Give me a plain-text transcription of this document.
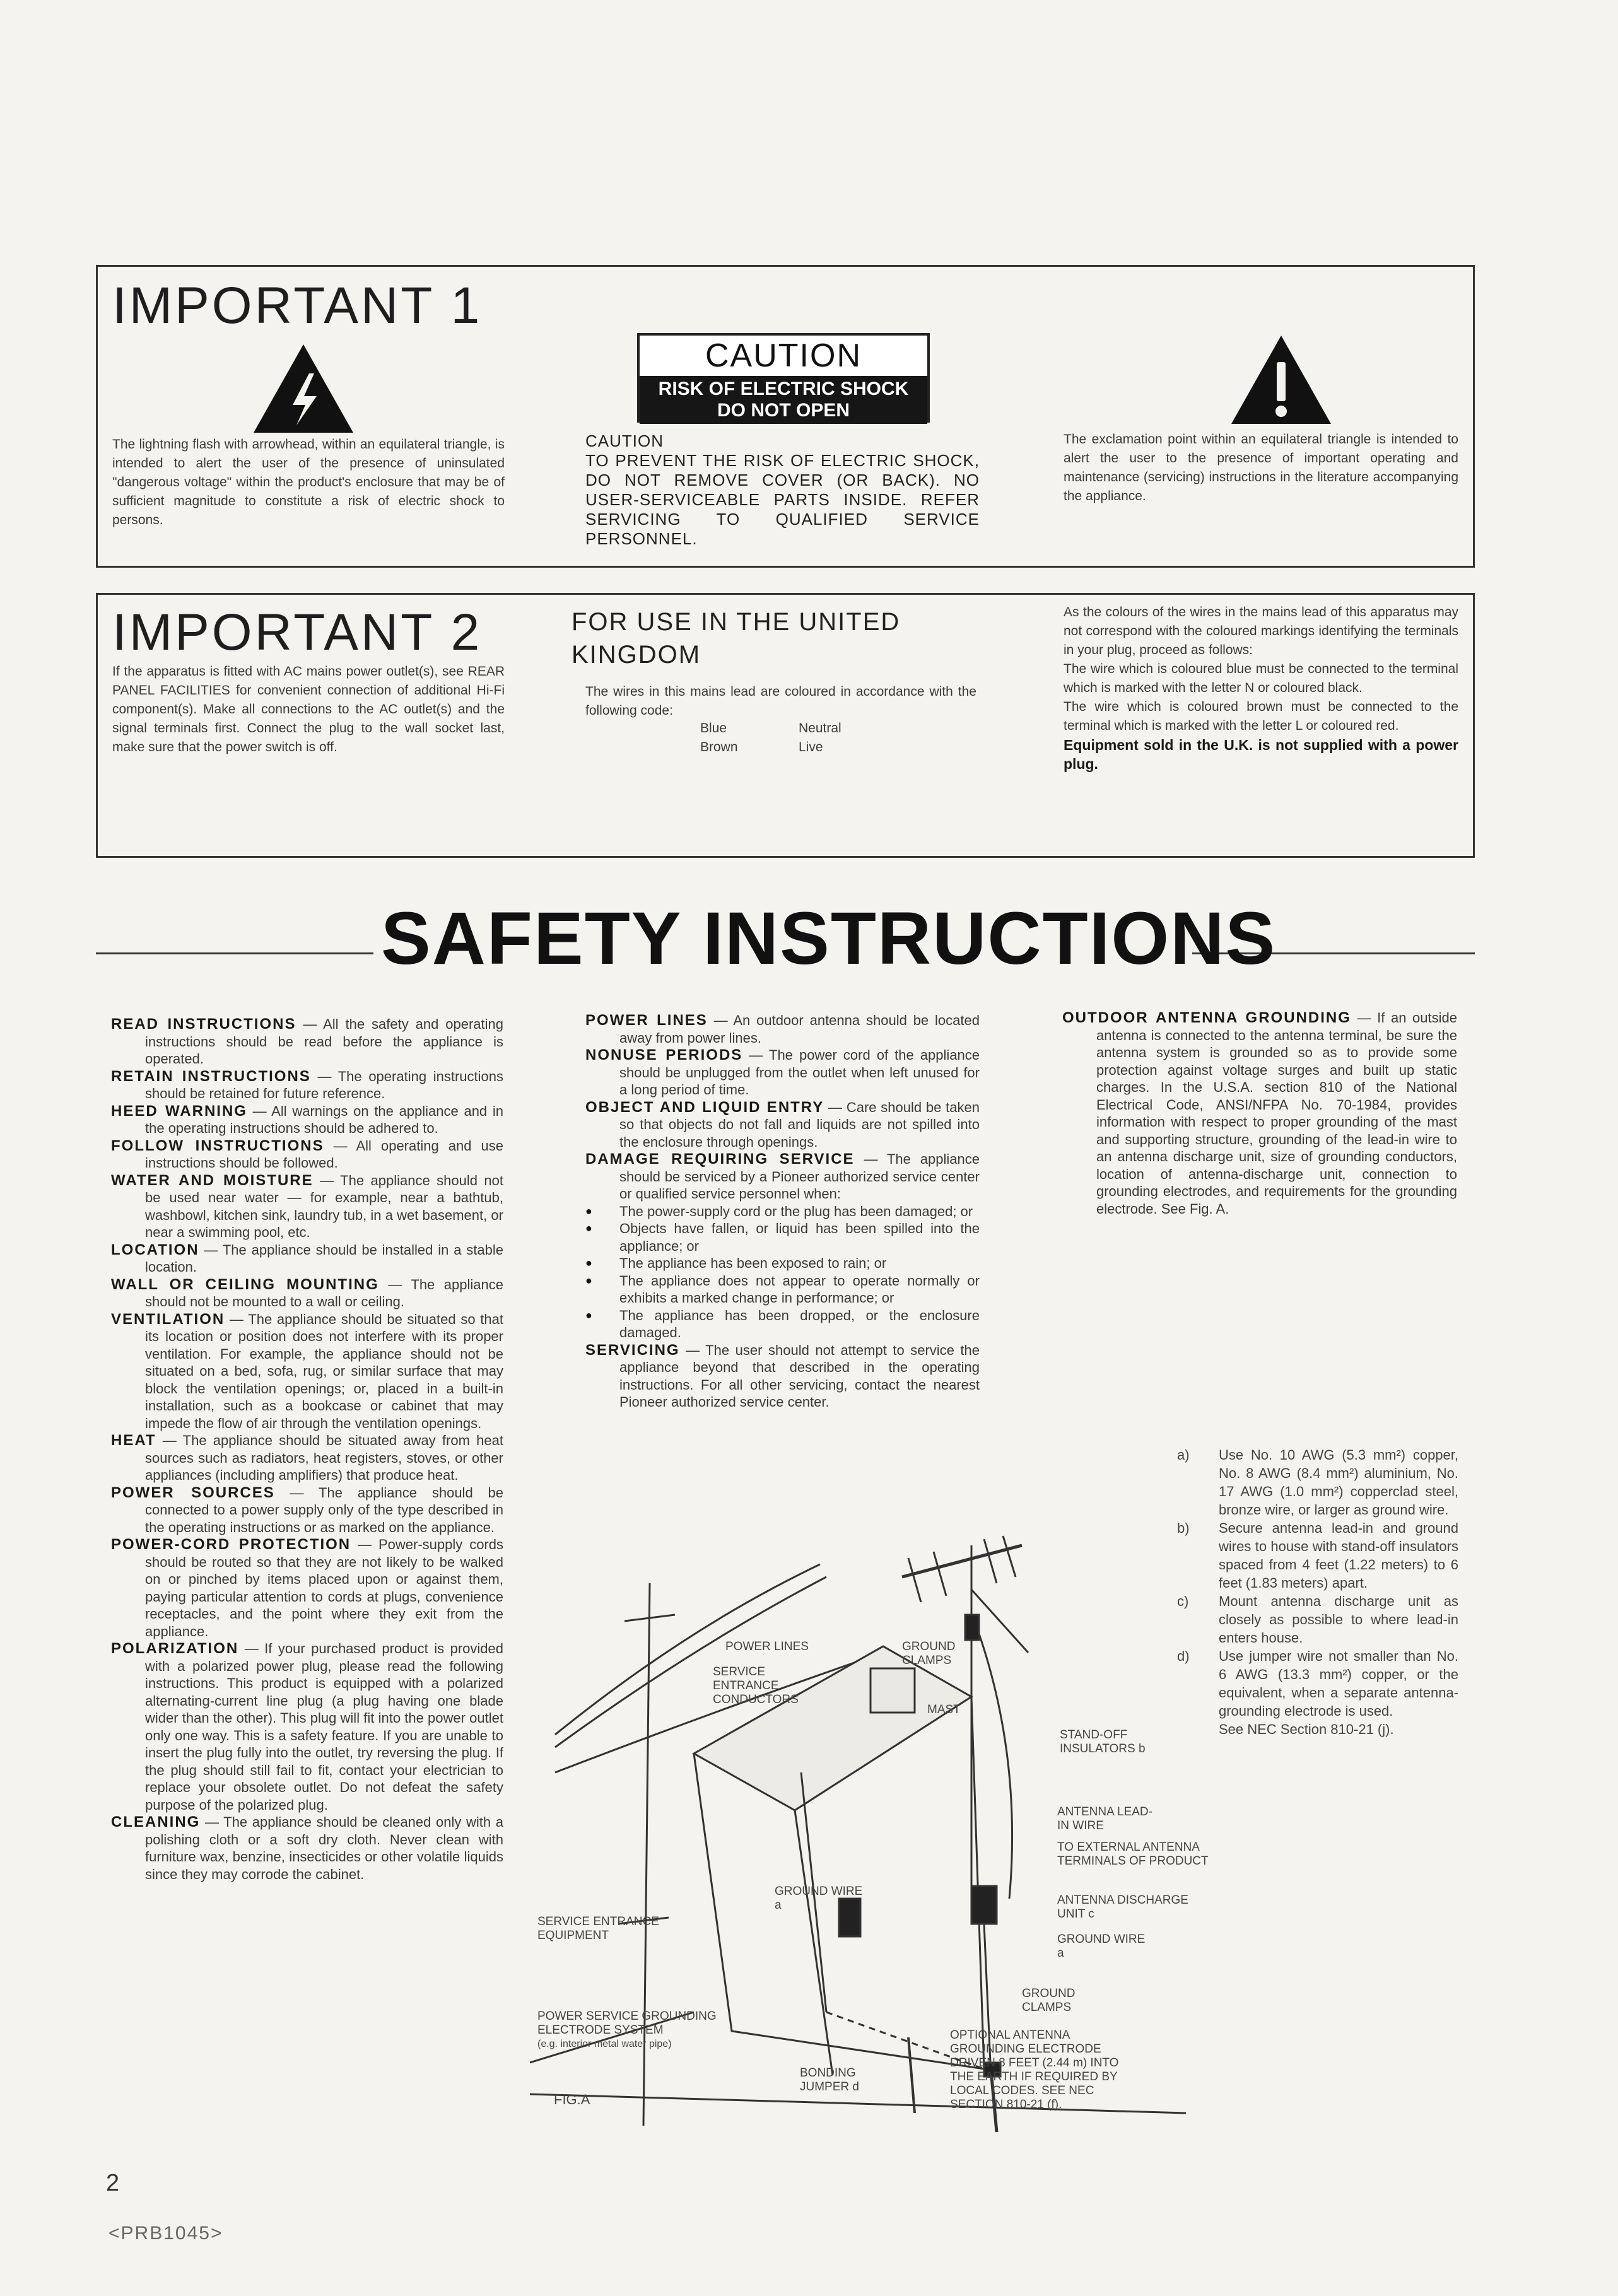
IMPORTANT 1
The lightning flash with arrowhead, within an equilateral triangle, is intended to alert the user of the presence of uninsulated "dangerous voltage" within the product's enclosure that may be of sufficient magnitude to constitute a risk of electric shock to persons.
CAUTION
RISK OF ELECTRIC SHOCK
DO NOT OPEN
CAUTION
TO PREVENT THE RISK OF ELECTRIC SHOCK, DO NOT REMOVE COVER (OR BACK). NO USER-SERVICEABLE PARTS INSIDE. REFER SERVICING TO QUALIFIED SERVICE PERSONNEL.
The exclamation point within an equilateral triangle is intended to alert the user to the presence of important operating and maintenance (servicing) instructions in the literature accompanying the appliance.
IMPORTANT 2
If the apparatus is fitted with AC mains power outlet(s), see REAR PANEL FACILITIES for convenient connection of additional Hi-Fi component(s). Make all connections to the AC outlet(s) and the signal terminals first. Connect the plug to the wall socket last, make sure that the power switch is off.
FOR USE IN THE UNITED KINGDOM
The wires in this mains lead are coloured in accordance with the following code:
Blue	Neutral
Brown	Live
As the colours of the wires in the mains lead of this apparatus may not correspond with the coloured markings identifying the terminals in your plug, proceed as follows:
The wire which is coloured blue must be connected to the terminal which is marked with the letter N or coloured black.
The wire which is coloured brown must be connected to the terminal which is marked with the letter L or coloured red.
Equipment sold in the U.K. is not supplied with a power plug.
SAFETY INSTRUCTIONS

READ INSTRUCTIONS — All the safety and operating instructions should be read before the appliance is operated.

RETAIN INSTRUCTIONS — The operating instructions should be retained for future reference.

HEED WARNING — All warnings on the appliance and in the operating instructions should be adhered to.

FOLLOW INSTRUCTIONS — All operating and use instructions should be followed.

WATER AND MOISTURE — The appliance should not be used near water — for example, near a bathtub, washbowl, kitchen sink, laundry tub, in a wet basement, or near a swimming pool, etc.

LOCATION — The appliance should be installed in a stable location.

WALL OR CEILING MOUNTING — The appliance should not be mounted to a wall or ceiling.

VENTILATION — The appliance should be situated so that its location or position does not interfere with its proper ventilation. For example, the appliance should not be situated on a bed, sofa, rug, or similar surface that may block the ventilation openings; or, placed in a built-in installation, such as a bookcase or cabinet that may impede the flow of air through the ventilation openings.

HEAT — The appliance should be situated away from heat sources such as radiators, heat registers, stoves, or other appliances (including amplifiers) that produce heat.

POWER SOURCES — The appliance should be connected to a power supply only of the type described in the operating instructions or as marked on the appliance.

POWER-CORD PROTECTION — Power-supply cords should be routed so that they are not likely to be walked on or pinched by items placed upon or against them, paying particular attention to cords at plugs, convenience receptacles, and the point where they exit from the appliance.

POLARIZATION — If your purchased product is provided with a polarized power plug, please read the following instructions. This product is equipped with a polarized alternating-current line plug (a plug having one blade wider than the other). This plug will fit into the power outlet only one way. This is a safety feature. If you are unable to insert the plug fully into the outlet, try reversing the plug. If the plug should still fail to fit, contact your electrician to replace your obsolete outlet. Do not defeat the safety purpose of the polarized plug.

CLEANING — The appliance should be cleaned only with a polishing cloth or a soft dry cloth. Never clean with furniture wax, benzine, insecticides or other volatile liquids since they may corrode the cabinet.

POWER LINES — An outdoor antenna should be located away from power lines.

NONUSE PERIODS — The power cord of the appliance should be unplugged from the outlet when left unused for a long period of time.

OBJECT AND LIQUID ENTRY — Care should be taken so that objects do not fall and liquids are not spilled into the enclosure through openings.

DAMAGE REQUIRING SERVICE — The appliance should be serviced by a Pioneer authorized service center or qualified service personnel when:

● The power-supply cord or the plug has been damaged; or

● Objects have fallen, or liquid has been spilled into the appliance; or

● The appliance has been exposed to rain; or

● The appliance does not appear to operate normally or exhibits a marked change in performance; or

● The appliance has been dropped, or the enclosure damaged.

SERVICING — The user should not attempt to service the appliance beyond that described in the operating instructions. For all other servicing, contact the nearest Pioneer authorized service center.

OUTDOOR ANTENNA GROUNDING — If an outside antenna is connected to the antenna terminal, be sure the antenna system is grounded so as to provide some protection against voltage surges and built up static charges. In the U.S.A. section 810 of the National Electrical Code, ANSI/NFPA No. 70-1984, provides information with respect to proper grounding of the mast and supporting structure, grounding of the lead-in wire to an antenna discharge unit, size of grounding conductors, location of antenna-discharge unit, connection to grounding electrodes, and requirements for the grounding electrode. See Fig. A.

a) Use No. 10 AWG (5.3 mm²) copper, No. 8 AWG (8.4 mm²) aluminium, No. 17 AWG (1.0 mm²) copperclad steel, bronze wire, or larger as ground wire.
b) Secure antenna lead-in and ground wires to house with stand-off insulators spaced from 4 feet (1.22 meters) to 6 feet (1.83 meters) apart.
c) Mount antenna discharge unit as closely as possible to where lead-in enters house.
d) Use jumper wire not smaller than No. 6 AWG (13.3 mm²) copper, or the equivalent, when a separate antenna-grounding electrode is used.
See NEC Section 810-21 (j).
POWER LINES	GROUND CLAMPS
SERVICE ENTRANCE CONDUCTORS
MAST
STAND-OFF INSULATORS b
ANTENNA LEAD-IN WIRE
TO EXTERNAL ANTENNA TERMINALS OF PRODUCT
GROUND WIRE a	ANTENNA DISCHARGE UNIT c
SERVICE ENTRANCE EQUIPMENT	GROUND WIRE a
GROUND CLAMPS
POWER SERVICE GROUNDING ELECTRODE SYSTEM
(e.g. interior metal water pipe)
OPTIONAL ANTENNA GROUNDING ELECTRODE DRIVEN 8 FEET (2.44 m) INTO THE EARTH IF REQUIRED BY LOCAL CODES. SEE NEC SECTION 810-21 (f).
BONDING JUMPER d
FIG.A
2
<PRB1045>
